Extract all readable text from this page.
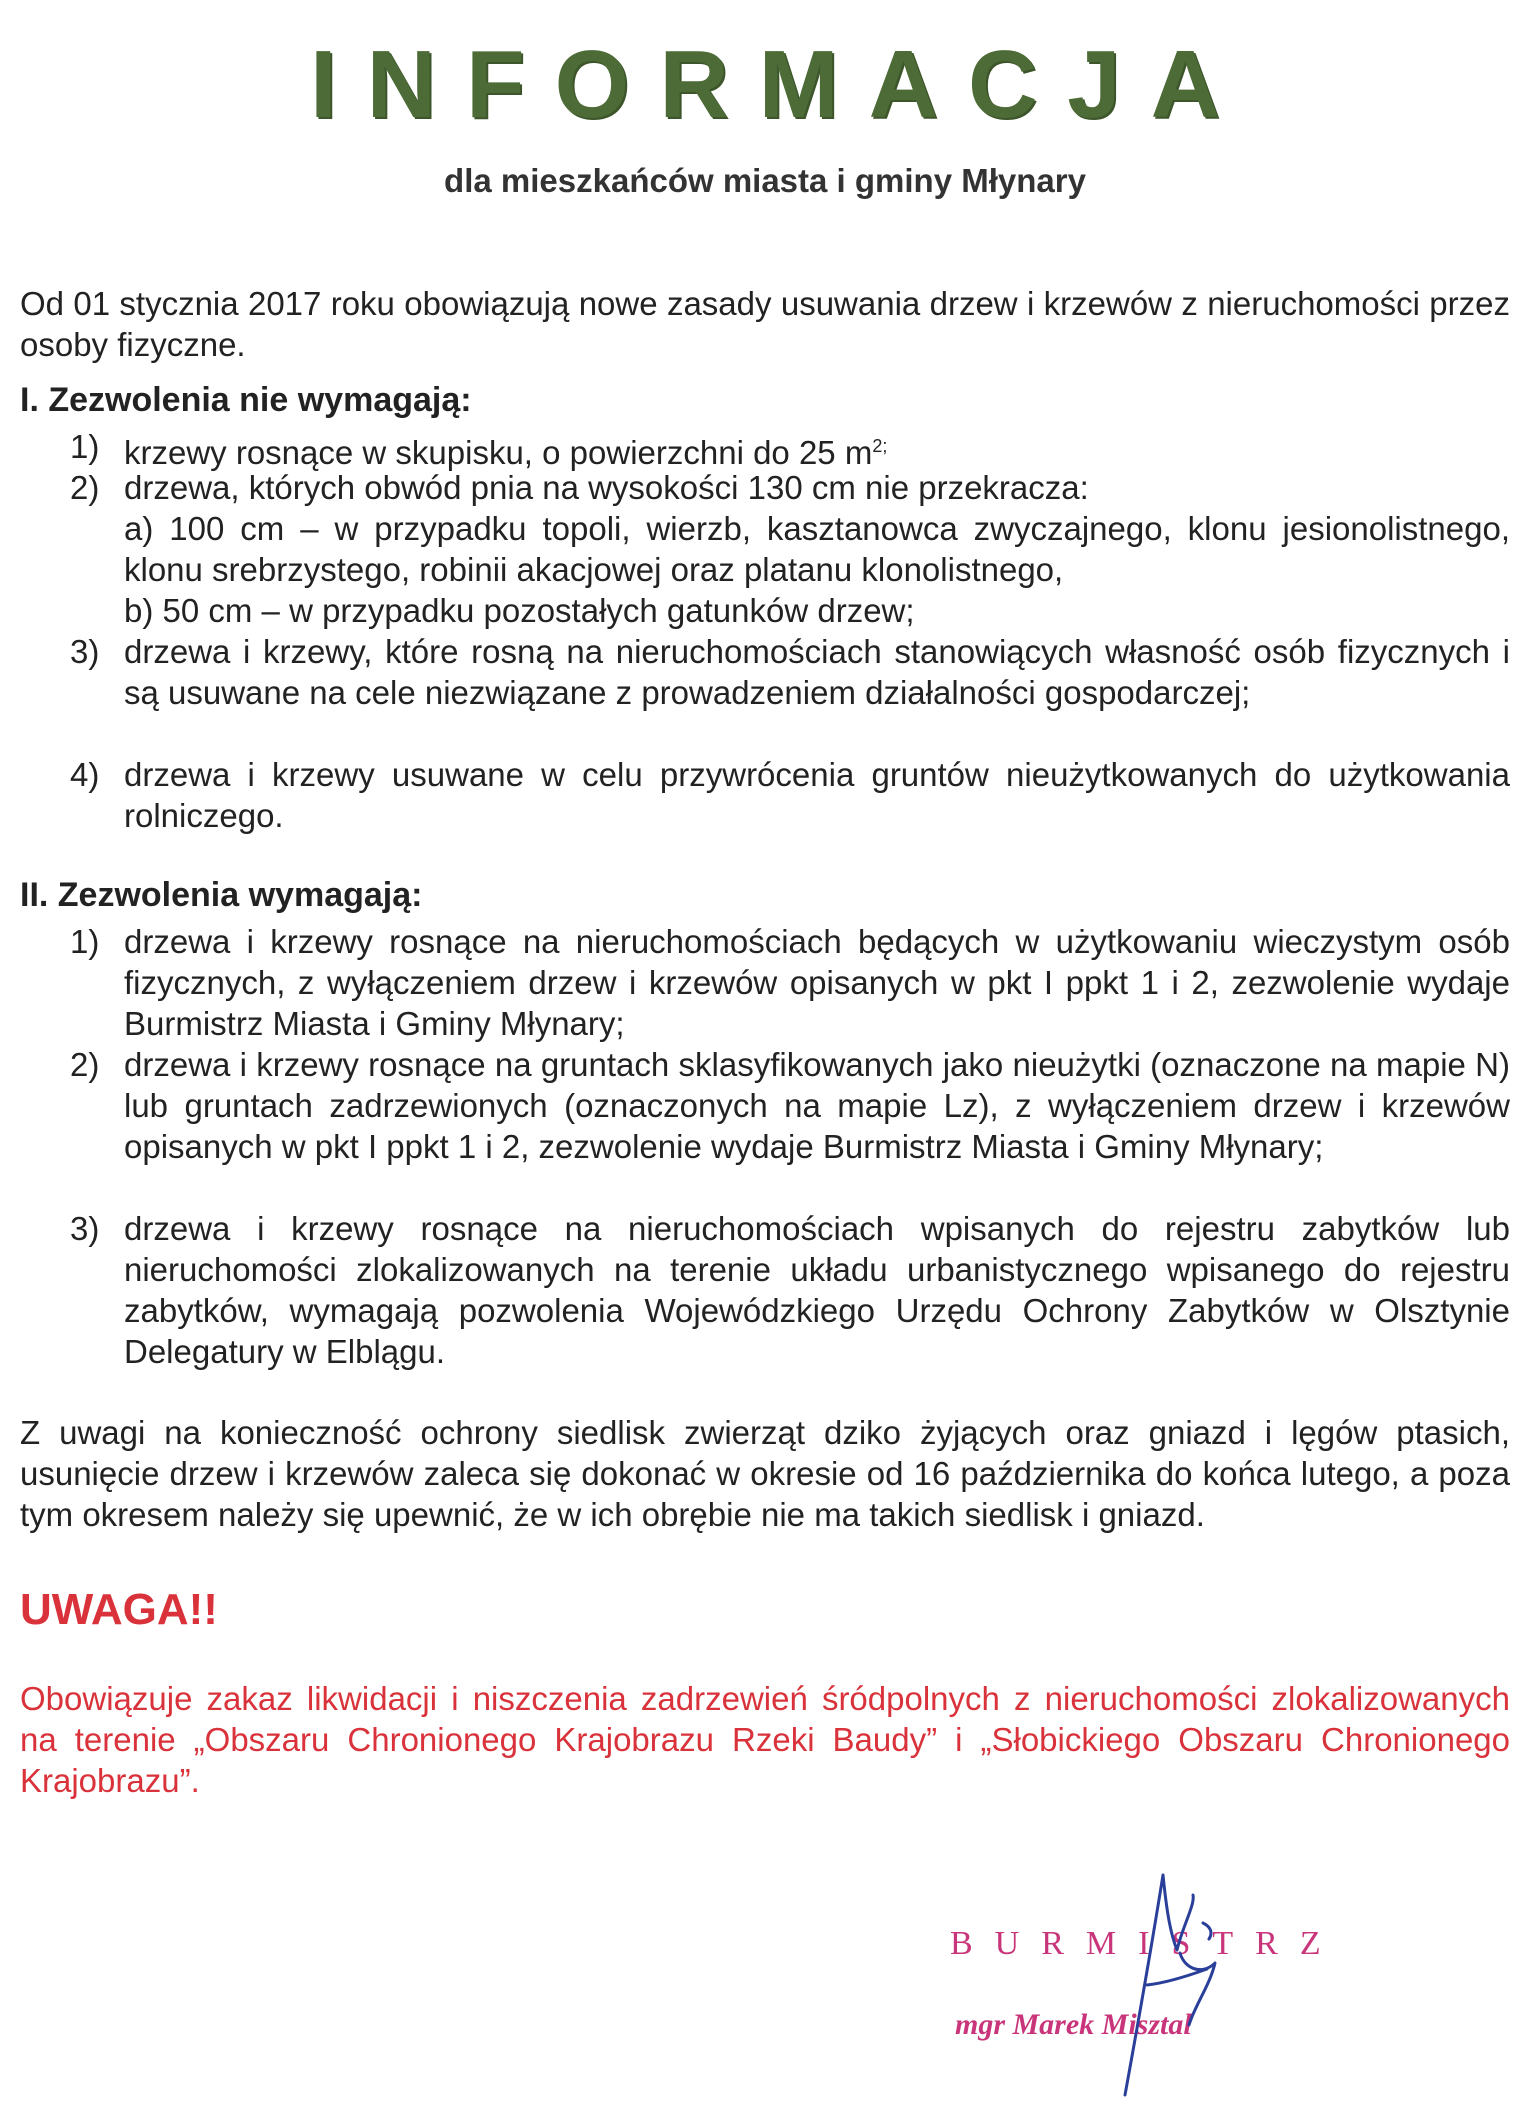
INFORMACJA
dla mieszkańców miasta i gminy Młynary
Od 01 stycznia 2017 roku obowiązują nowe zasady usuwania drzew i krzewów z nieruchomości przez osoby fizyczne.
I. Zezwolenia nie wymagają:
1) krzewy rosnące w skupisku, o powierzchni do 25 $m^{2;}$
2) drzewa, których obwód pnia na wysokości 130 cm nie przekracza:
a) 100 cm – w przypadku topoli, wierzb, kasztanowca zwyczajnego, klonu jesionolistnego, klonu srebrzystego, robinii akacjowej oraz platanu klonolistnego,
b) 50 cm – w przypadku pozostałych gatunków drzew;
3) drzewa i krzewy, które rosną na nieruchomościach stanowiących własność osób fizycznych i są usuwane na cele niezwiązane z prowadzeniem działalności gospodarczej;
4) drzewa i krzewy usuwane w celu przywrócenia gruntów nieużytkowanych do użytkowania rolniczego.
II. Zezwolenia wymagają:
1) drzewa i krzewy rosnące na nieruchomościach będących w użytkowaniu wieczystym osób fizycznych, z wyłączeniem drzew i krzewów opisanych w pkt I ppkt 1 i 2, zezwolenie wydaje Burmistrz Miasta i Gminy Młynary;
2) drzewa i krzewy rosnące na gruntach sklasyfikowanych jako nieużytki (oznaczone na mapie N) lub gruntach zadrzewionych (oznaczonych na mapie Lz), z wyłączeniem drzew i krzewów opisanych w pkt I ppkt 1 i 2, zezwolenie wydaje Burmistrz Miasta i Gminy Młynary;
3) drzewa i krzewy rosnące na nieruchomościach wpisanych do rejestru zabytków lub nieruchomości zlokalizowanych na terenie układu urbanistycznego wpisanego do rejestru zabytków, wymagają pozwolenia Wojewódzkiego Urzędu Ochrony Zabytków w Olsztynie Delegatury w Elblągu.
Z uwagi na konieczność ochrony siedlisk zwierząt dziko żyjących oraz gniazd i lęgów ptasich, usunięcie drzew i krzewów zaleca się dokonać w okresie od 16 października do końca lutego, a poza tym okresem należy się upewnić, że w ich obrębie nie ma takich siedlisk i gniazd.
UWAGA!!
Obowiązuje zakaz likwidacji i niszczenia zadrzewień śródpolnych z nieruchomości zlokalizowanych na terenie „Obszaru Chronionego Krajobrazu Rzeki Baudy” i „Słobickiego Obszaru Chronionego Krajobrazu”.
BURMISTRZ
mgr Marek Misztal
